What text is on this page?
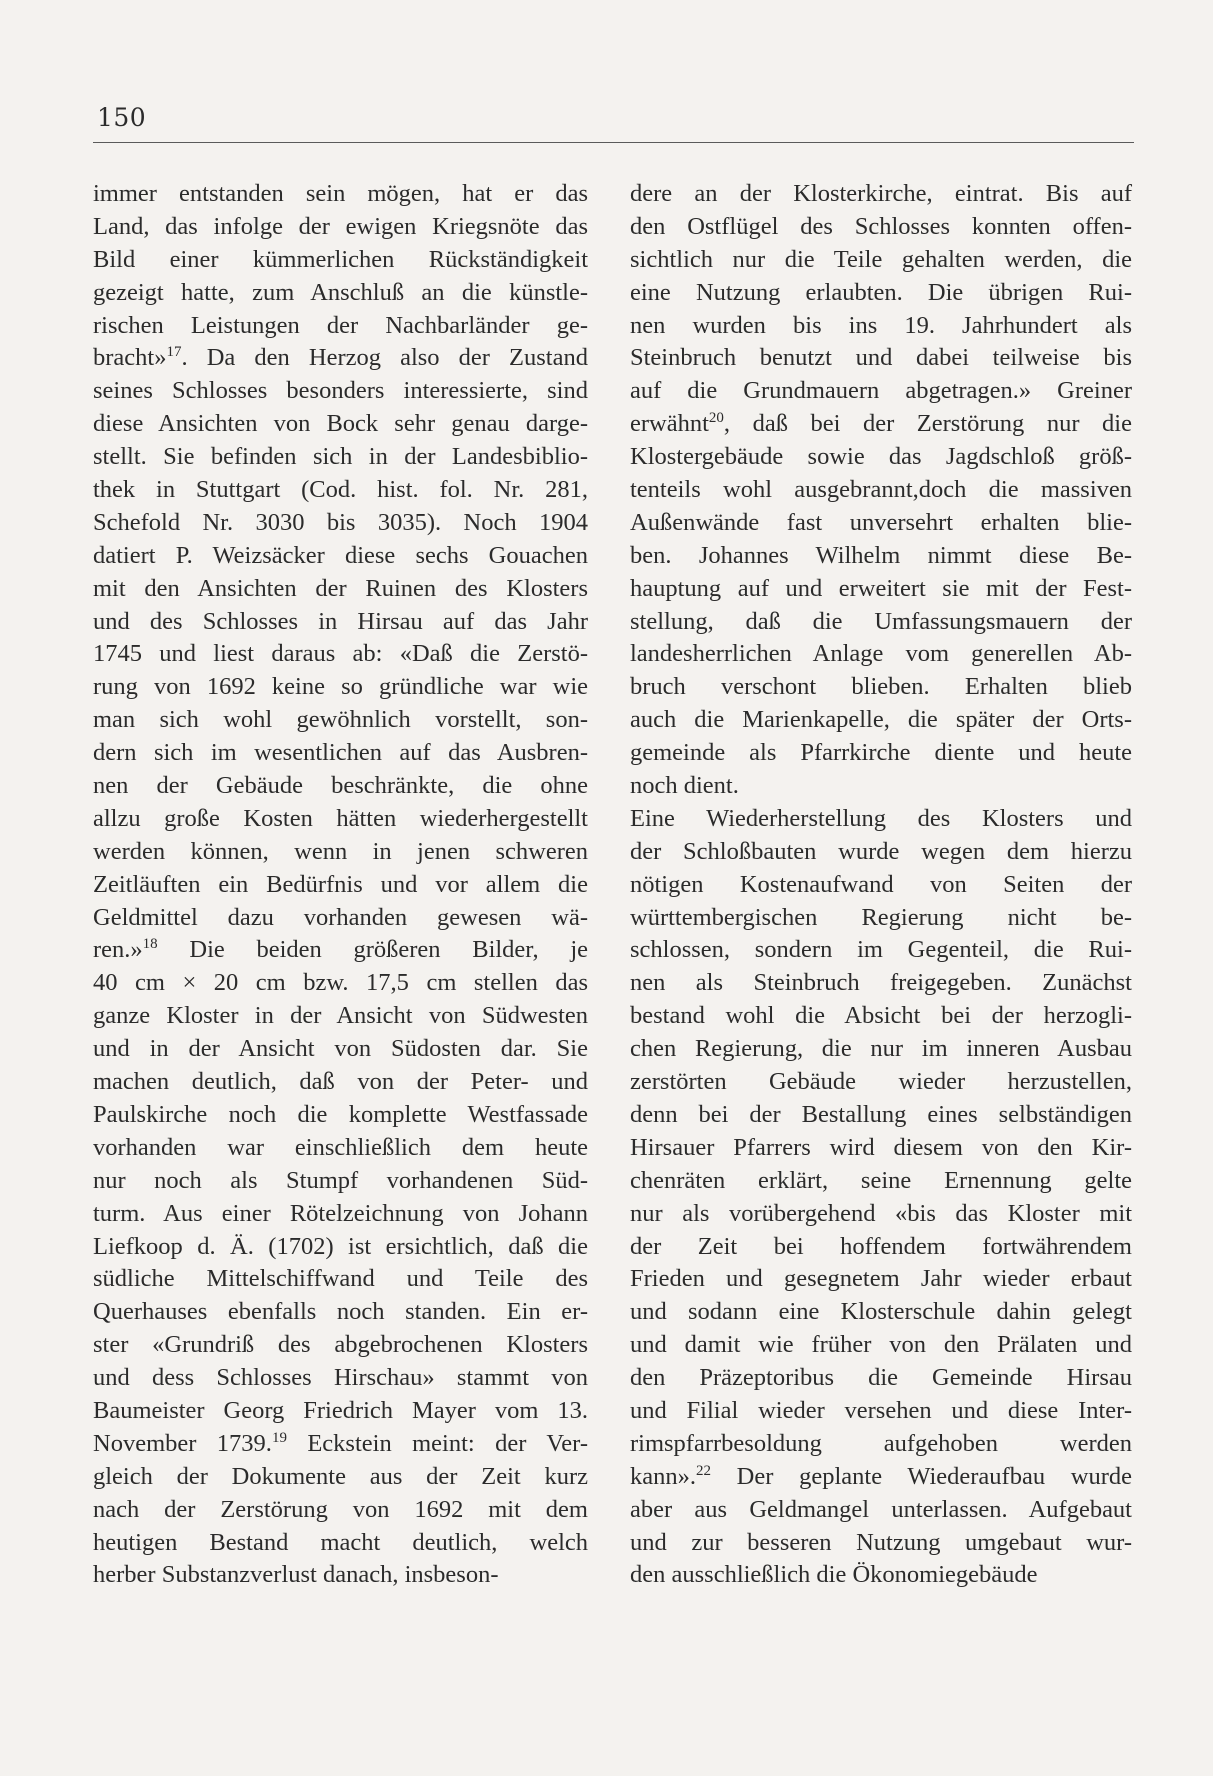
150
immer entstanden sein mögen, hat er das
Land, das infolge der ewigen Kriegsnöte das
Bild einer kümmerlichen Rückständigkeit
gezeigt hatte, zum Anschluß an die künstle-
rischen Leistungen der Nachbarländer ge-
bracht»$^{17}$. Da den Herzog also der Zustand
seines Schlosses besonders interessierte, sind
diese Ansichten von Bock sehr genau darge-
stellt. Sie befinden sich in der Landesbiblio-
thek in Stuttgart (Cod. hist. fol. Nr. 281,
Schefold Nr. 3030 bis 3035). Noch 1904
datiert P. Weizsäcker diese sechs Gouachen
mit den Ansichten der Ruinen des Klosters
und des Schlosses in Hirsau auf das Jahr
1745 und liest daraus ab: «Daß die Zerstö-
rung von 1692 keine so gründliche war wie
man sich wohl gewöhnlich vorstellt, son-
dern sich im wesentlichen auf das Ausbren-
nen der Gebäude beschränkte, die ohne
allzu große Kosten hätten wiederhergestellt
werden können, wenn in jenen schweren
Zeitläuften ein Bedürfnis und vor allem die
Geldmittel dazu vorhanden gewesen wä-
ren.»$^{18}$ Die beiden größeren Bilder, je
40 cm × 20 cm bzw. 17,5 cm stellen das
ganze Kloster in der Ansicht von Südwesten
und in der Ansicht von Südosten dar. Sie
machen deutlich, daß von der Peter- und
Paulskirche noch die komplette Westfassade
vorhanden war einschließlich dem heute
nur noch als Stumpf vorhandenen Süd-
turm. Aus einer Rötelzeichnung von Johann
Liefkoop d. Ä. (1702) ist ersichtlich, daß die
südliche Mittelschiffwand und Teile des
Querhauses ebenfalls noch standen. Ein er-
ster «Grundriß des abgebrochenen Klosters
und dess Schlosses Hirschau» stammt von
Baumeister Georg Friedrich Mayer vom 13.
November 1739.19 Eckstein meint: der Ver-
gleich der Dokumente aus der Zeit kurz
nach der Zerstörung von 1692 mit dem
heutigen Bestand macht deutlich, welch
herber Substanzverlust danach, insbeson-
dere an der Klosterkirche, eintrat. Bis auf
den Ostflügel des Schlosses konnten offen-
sichtlich nur die Teile gehalten werden, die
eine Nutzung erlaubten. Die übrigen Rui-
nen wurden bis ins 19. Jahrhundert als
Steinbruch benutzt und dabei teilweise bis
auf die Grundmauern abgetragen.» Greiner
erwähnt$^{20}$, daß bei der Zerstörung nur die
Klostergebäude sowie das Jagdschloß größ-
tenteils wohl ausgebrannt,doch die massiven
Außenwände fast unversehrt erhalten blie-
ben. Johannes Wilhelm nimmt diese Be-
hauptung auf und erweitert sie mit der Fest-
stellung, daß die Umfassungsmauern der
landesherrlichen Anlage vom generellen Ab-
bruch verschont blieben. Erhalten blieb
auch die Marienkapelle, die später der Orts-
gemeinde als Pfarrkirche diente und heute
noch dient.
Eine Wiederherstellung des Klosters und
der Schloßbauten wurde wegen dem hierzu
nötigen Kostenaufwand von Seiten der
württembergischen Regierung nicht be-
schlossen, sondern im Gegenteil, die Rui-
nen als Steinbruch freigegeben. Zunächst
bestand wohl die Absicht bei der herzogli-
chen Regierung, die nur im inneren Ausbau
zerstörten Gebäude wieder herzustellen,
denn bei der Bestallung eines selbständigen
Hirsauer Pfarrers wird diesem von den Kir-
chenräten erklärt, seine Ernennung gelte
nur als vorübergehend «bis das Kloster mit
der Zeit bei hoffendem fortwährendem
Frieden und gesegnetem Jahr wieder erbaut
und sodann eine Klosterschule dahin gelegt
und damit wie früher von den Prälaten und
den Präzeptoribus die Gemeinde Hirsau
und Filial wieder versehen und diese Inter-
rimspfarrbesoldung aufgehoben werden
kann».$^{22}$ Der geplante Wiederaufbau wurde
aber aus Geldmangel unterlassen. Aufgebaut
und zur besseren Nutzung umgebaut wur-
den ausschließlich die Ökonomiegebäude
